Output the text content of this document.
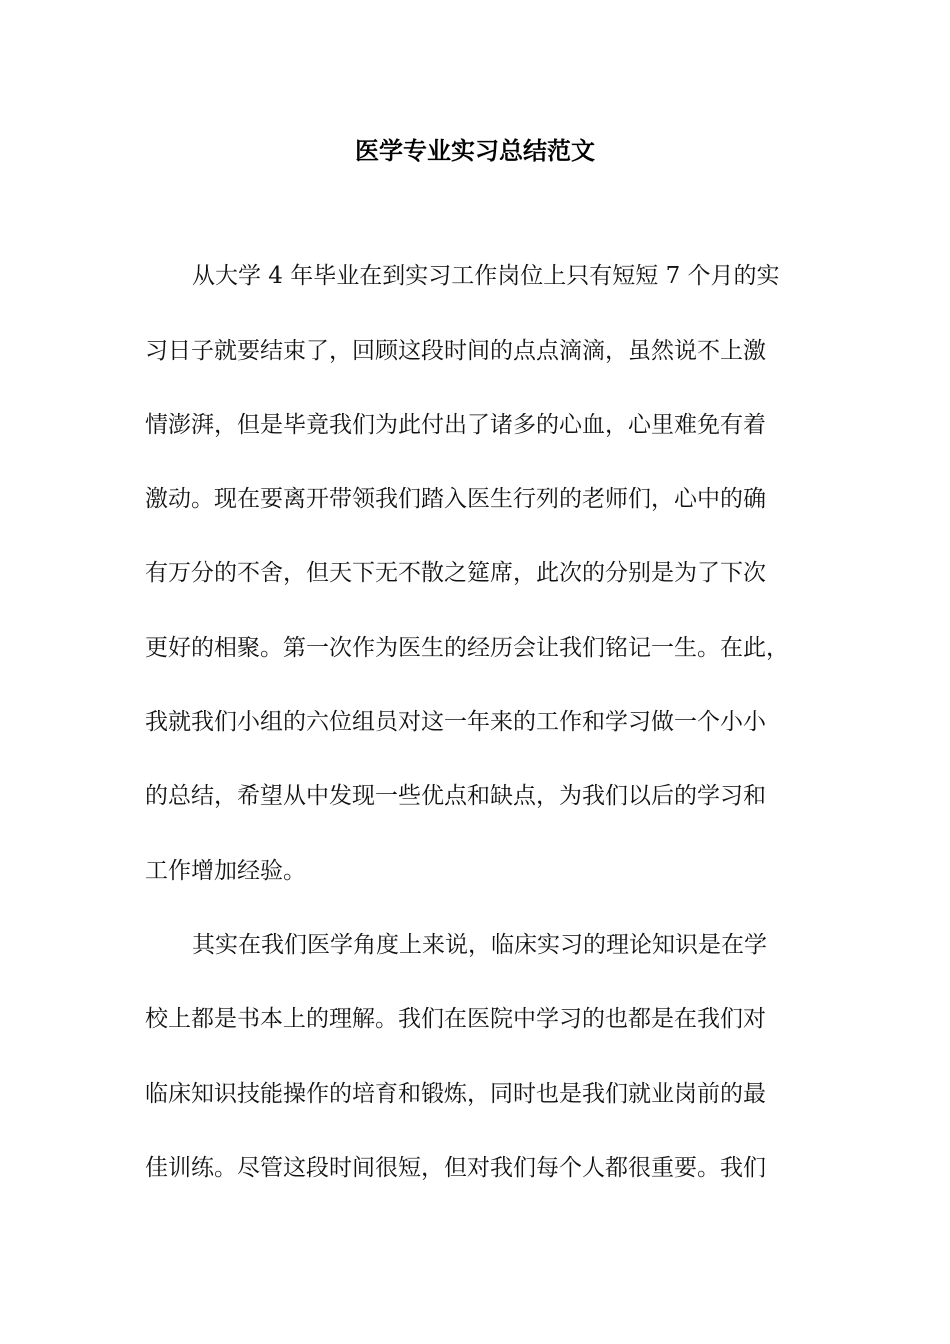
医学专业实习总结范文

从大学 4 年毕业在到实习工作岗位上只有短短 7 个月的实

习日子就要结束了，回顾这段时间的点点滴滴，虽然说不上激

情澎湃，但是毕竟我们为此付出了诸多的心血，心里难免有着

激动。现在要离开带领我们踏入医生行列的老师们，心中的确

有万分的不舍，但天下无不散之筵席，此次的分别是为了下次

更好的相聚。第一次作为医生的经历会让我们铭记一生。在此，

我就我们小组的六位组员对这一年来的工作和学习做一个小小

的总结，希望从中发现一些优点和缺点，为我们以后的学习和

工作增加经验。

其实在我们医学角度上来说，临床实习的理论知识是在学

校上都是书本上的理解。我们在医院中学习的也都是在我们对

临床知识技能操作的培育和锻炼，同时也是我们就业岗前的最

佳训练。尽管这段时间很短，但对我们每个人都很重要。我们
